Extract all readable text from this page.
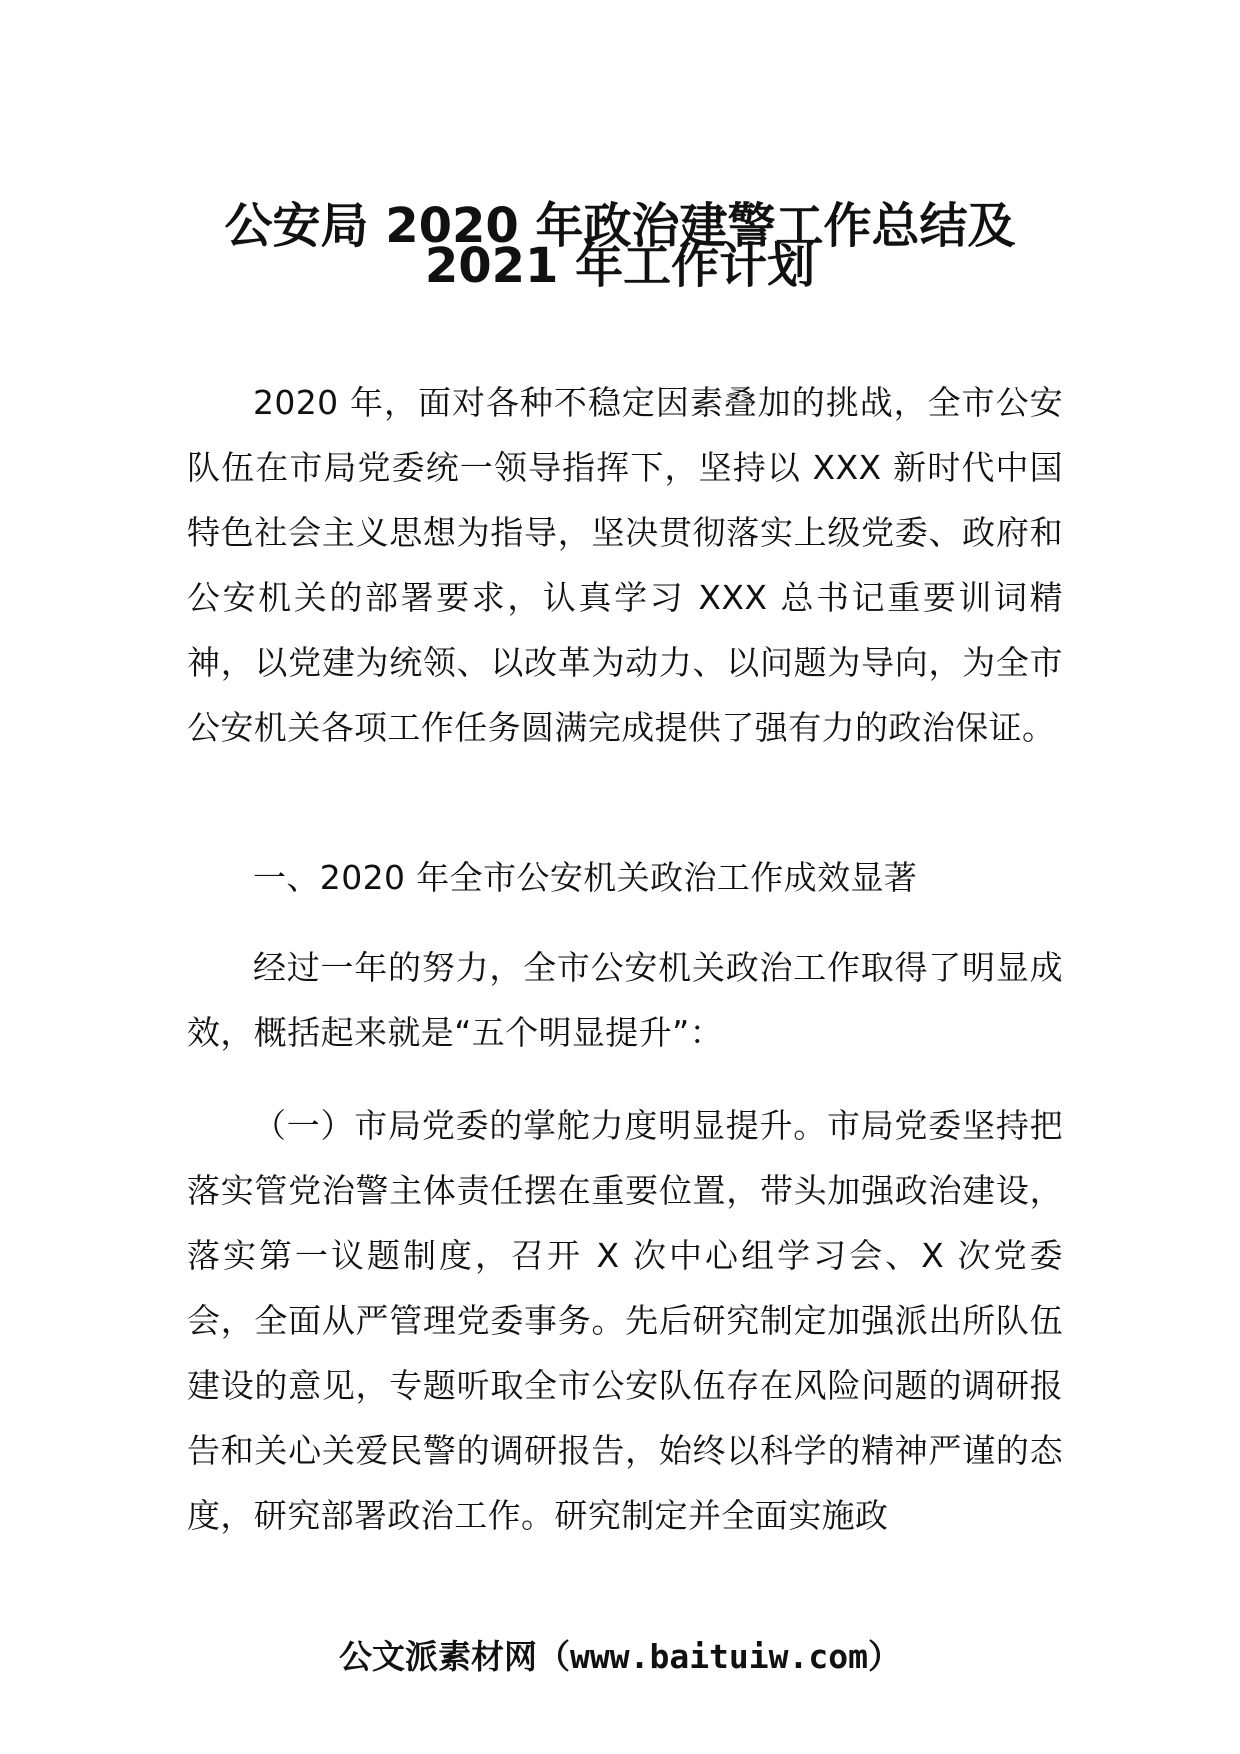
公安局 2020 年政治建警工作总结及
2021 年工作计划

2020 年，面对各种不稳定因素叠加的挑战，全市公安队伍在市局党委统一领导指挥下，坚持以 XXX 新时代中国特色社会主义思想为指导，坚决贯彻落实上级党委、政府和公安机关的部署要求，认真学习 XXX 总书记重要训词精神，以党建为统领、以改革为动力、以问题为导向，为全市公安机关各项工作任务圆满完成提供了强有力的政治保证。

一、2020 年全市公安机关政治工作成效显著

经过一年的努力，全市公安机关政治工作取得了明显成效，概括起来就是“五个明显提升”：

（一）市局党委的掌舵力度明显提升。市局党委坚持把落实管党治警主体责任摆在重要位置，带头加强政治建设，落实第一议题制度，召开 X 次中心组学习会、X 次党委会，全面从严管理党委事务。先后研究制定加强派出所队伍建设的意见，专题听取全市公安队伍存在风险问题的调研报告和关心关爱民警的调研报告，始终以科学的精神严谨的态度，研究部署政治工作。研究制定并全面实施政

公文派素材网（www.baituiw.com）
